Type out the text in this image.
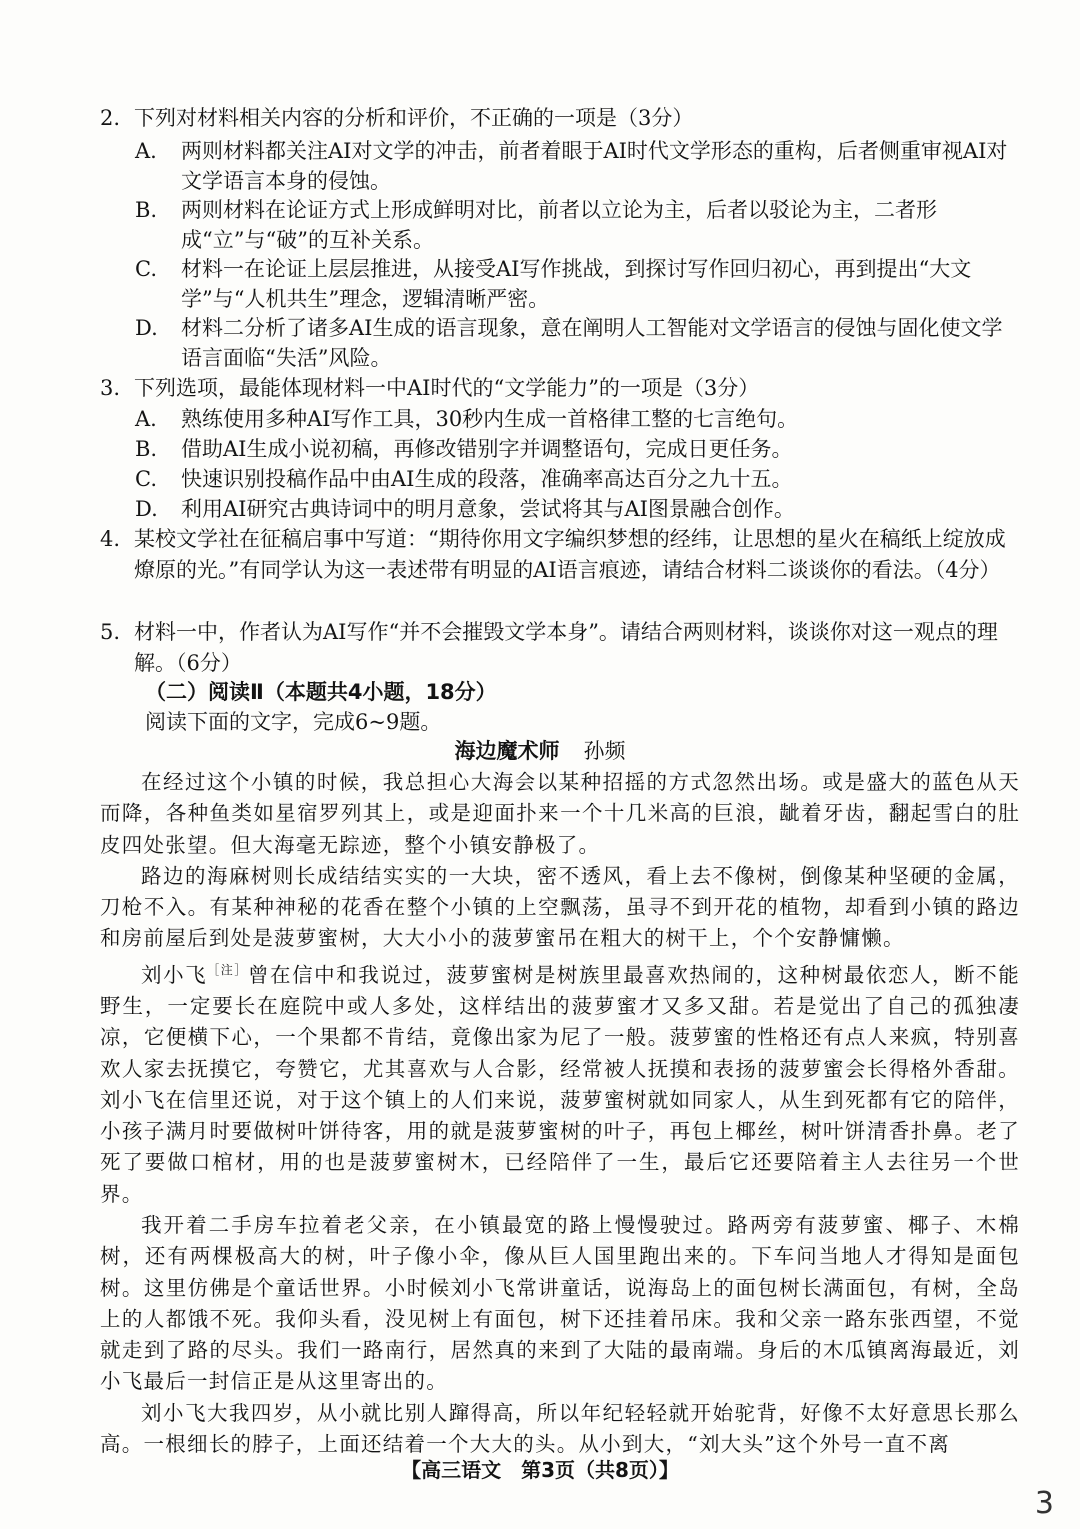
2. 下列对材料相关内容的分析和评价，不正确的一项是（3分）
A.	两则材料都关注AI对文学的冲击，前者着眼于AI时代文学形态的重构，后者侧重审视AI对文学语言本身的侵蚀。
B.	两则材料在论证方式上形成鲜明对比，前者以立论为主，后者以驳论为主，二者形成“立”与“破”的互补关系。
C.	材料一在论证上层层推进，从接受AI写作挑战，到探讨写作回归初心，再到提出“大文学”与“人机共生”理念，逻辑清晰严密。
D.	材料二分析了诸多AI生成的语言现象，意在阐明人工智能对文学语言的侵蚀与固化使文学语言面临“失活”风险。
3. 下列选项，最能体现材料一中AI时代的“文学能力”的一项是（3分）
A.	熟练使用多种AI写作工具，30秒内生成一首格律工整的七言绝句。
B.	借助AI生成小说初稿，再修改错别字并调整语句，完成日更任务。
C.	快速识别投稿作品中由AI生成的段落，准确率高达百分之九十五。
D.	利用AI研究古典诗词中的明月意象，尝试将其与AI图景融合创作。
4. 某校文学社在征稿启事中写道：“期待你用文字编织梦想的经纬，让思想的星火在稿纸上绽放成燎原的光。”有同学认为这一表述带有明显的AI语言痕迹，请结合材料二谈谈你的看法。（4分）
5. 材料一中，作者认为AI写作“并不会摧毁文学本身”。请结合两则材料，谈谈你对这一观点的理解。（6分）
（二）阅读Ⅱ（本题共4小题，18分）
阅读下面的文字，完成6~9题。
海边魔术师 孙频

在经过这个小镇的时候，我总担心大海会以某种招摇的方式忽然出场。或是盛大的蓝色从天而降，各种鱼类如星宿罗列其上，或是迎面扑来一个十几米高的巨浪，龇着牙齿，翻起雪白的肚皮四处张望。但大海毫无踪迹，整个小镇安静极了。

路边的海麻树则长成结结实实的一大块，密不透风，看上去不像树，倒像某种坚硬的金属，刀枪不入。有某种神秘的花香在整个小镇的上空飘荡，虽寻不到开花的植物，却看到小镇的路边和房前屋后到处是菠萝蜜树，大大小小的菠萝蜜吊在粗大的树干上，个个安静慵懒。

刘小飞$^{[注]}$曾在信中和我说过，菠萝蜜树是树族里最喜欢热闹的，这种树最依恋人，断不能野生，一定要长在庭院中或人多处，这样结出的菠萝蜜才又多又甜。若是觉出了自己的孤独凄凉，它便横下心，一个果都不肯结，竟像出家为尼了一般。菠萝蜜的性格还有点人来疯，特别喜欢人家去抚摸它，夸赞它，尤其喜欢与人合影，经常被人抚摸和表扬的菠萝蜜会长得格外香甜。刘小飞在信里还说，对于这个镇上的人们来说，菠萝蜜树就如同家人，从生到死都有它的陪伴，小孩子满月时要做树叶饼待客，用的就是菠萝蜜树的叶子，再包上椰丝，树叶饼清香扑鼻。老了死了要做口棺材，用的也是菠萝蜜树木，已经陪伴了一生，最后它还要陪着主人去往另一个世界。

我开着二手房车拉着老父亲，在小镇最宽的路上慢慢驶过。路两旁有菠萝蜜、椰子、木棉树，还有两棵极高大的树，叶子像小伞，像从巨人国里跑出来的。下车问当地人才得知是面包树。这里仿佛是个童话世界。小时候刘小飞常讲童话，说海岛上的面包树长满面包，有树，全岛上的人都饿不死。我仰头看，没见树上有面包，树下还挂着吊床。我和父亲一路东张西望，不觉就走到了路的尽头。我们一路南行，居然真的来到了大陆的最南端。身后的木瓜镇离海最近，刘小飞最后一封信正是从这里寄出的。

刘小飞大我四岁，从小就比别人蹿得高，所以年纪轻轻就开始驼背，好像不太好意思长那么高。一根细长的脖子，上面还结着一个大大的头。从小到大，“刘大头”这个外号一直不离

【高三语文　第3页（共8页）】
3
